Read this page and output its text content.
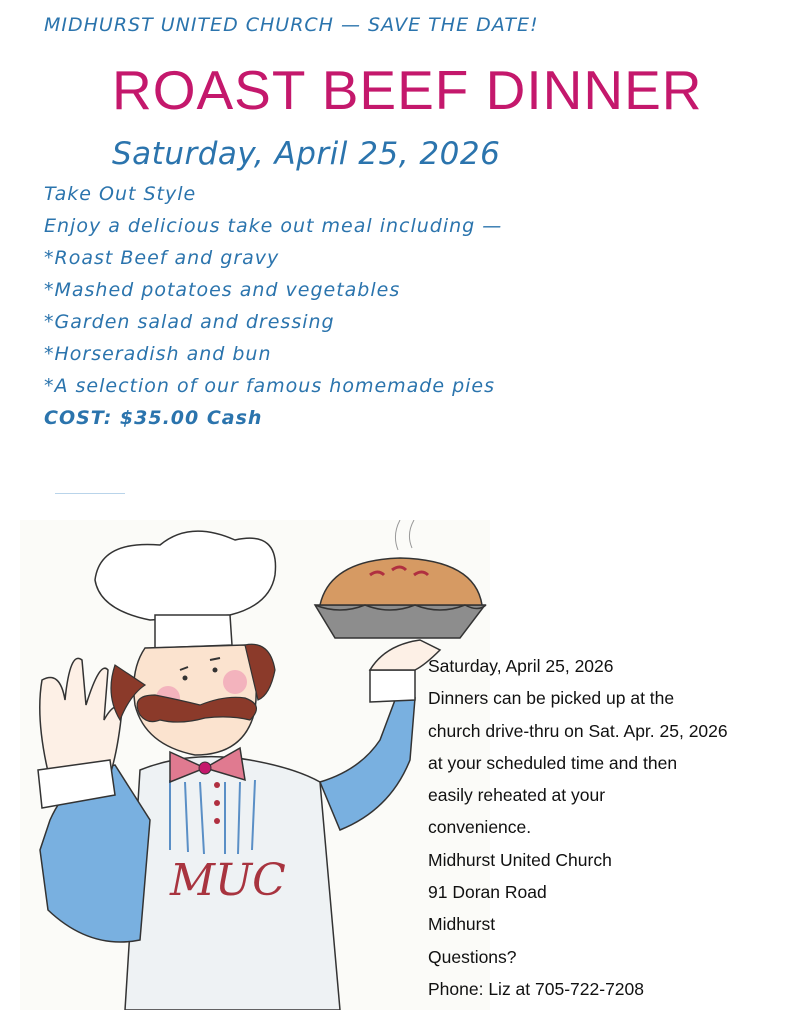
MIDHURST UNITED CHURCH — SAVE THE DATE!
ROAST BEEF DINNER
Saturday, April 25, 2026
Take Out Style
Enjoy a delicious take out meal including —
*Roast Beef and gravy
*Mashed potatoes and vegetables
*Garden salad and dressing
*Horseradish and bun
*A selection of our famous homemade pies
COST: $35.00 Cash
MUC
Saturday, April 25, 2026
Dinners can be picked up at the
church drive-thru on Sat. Apr. 25, 2026
at your scheduled time and then
easily reheated at your
convenience.
Midhurst United Church
91 Doran Road
Midhurst
Questions?
Phone: Liz at 705-722-7208
